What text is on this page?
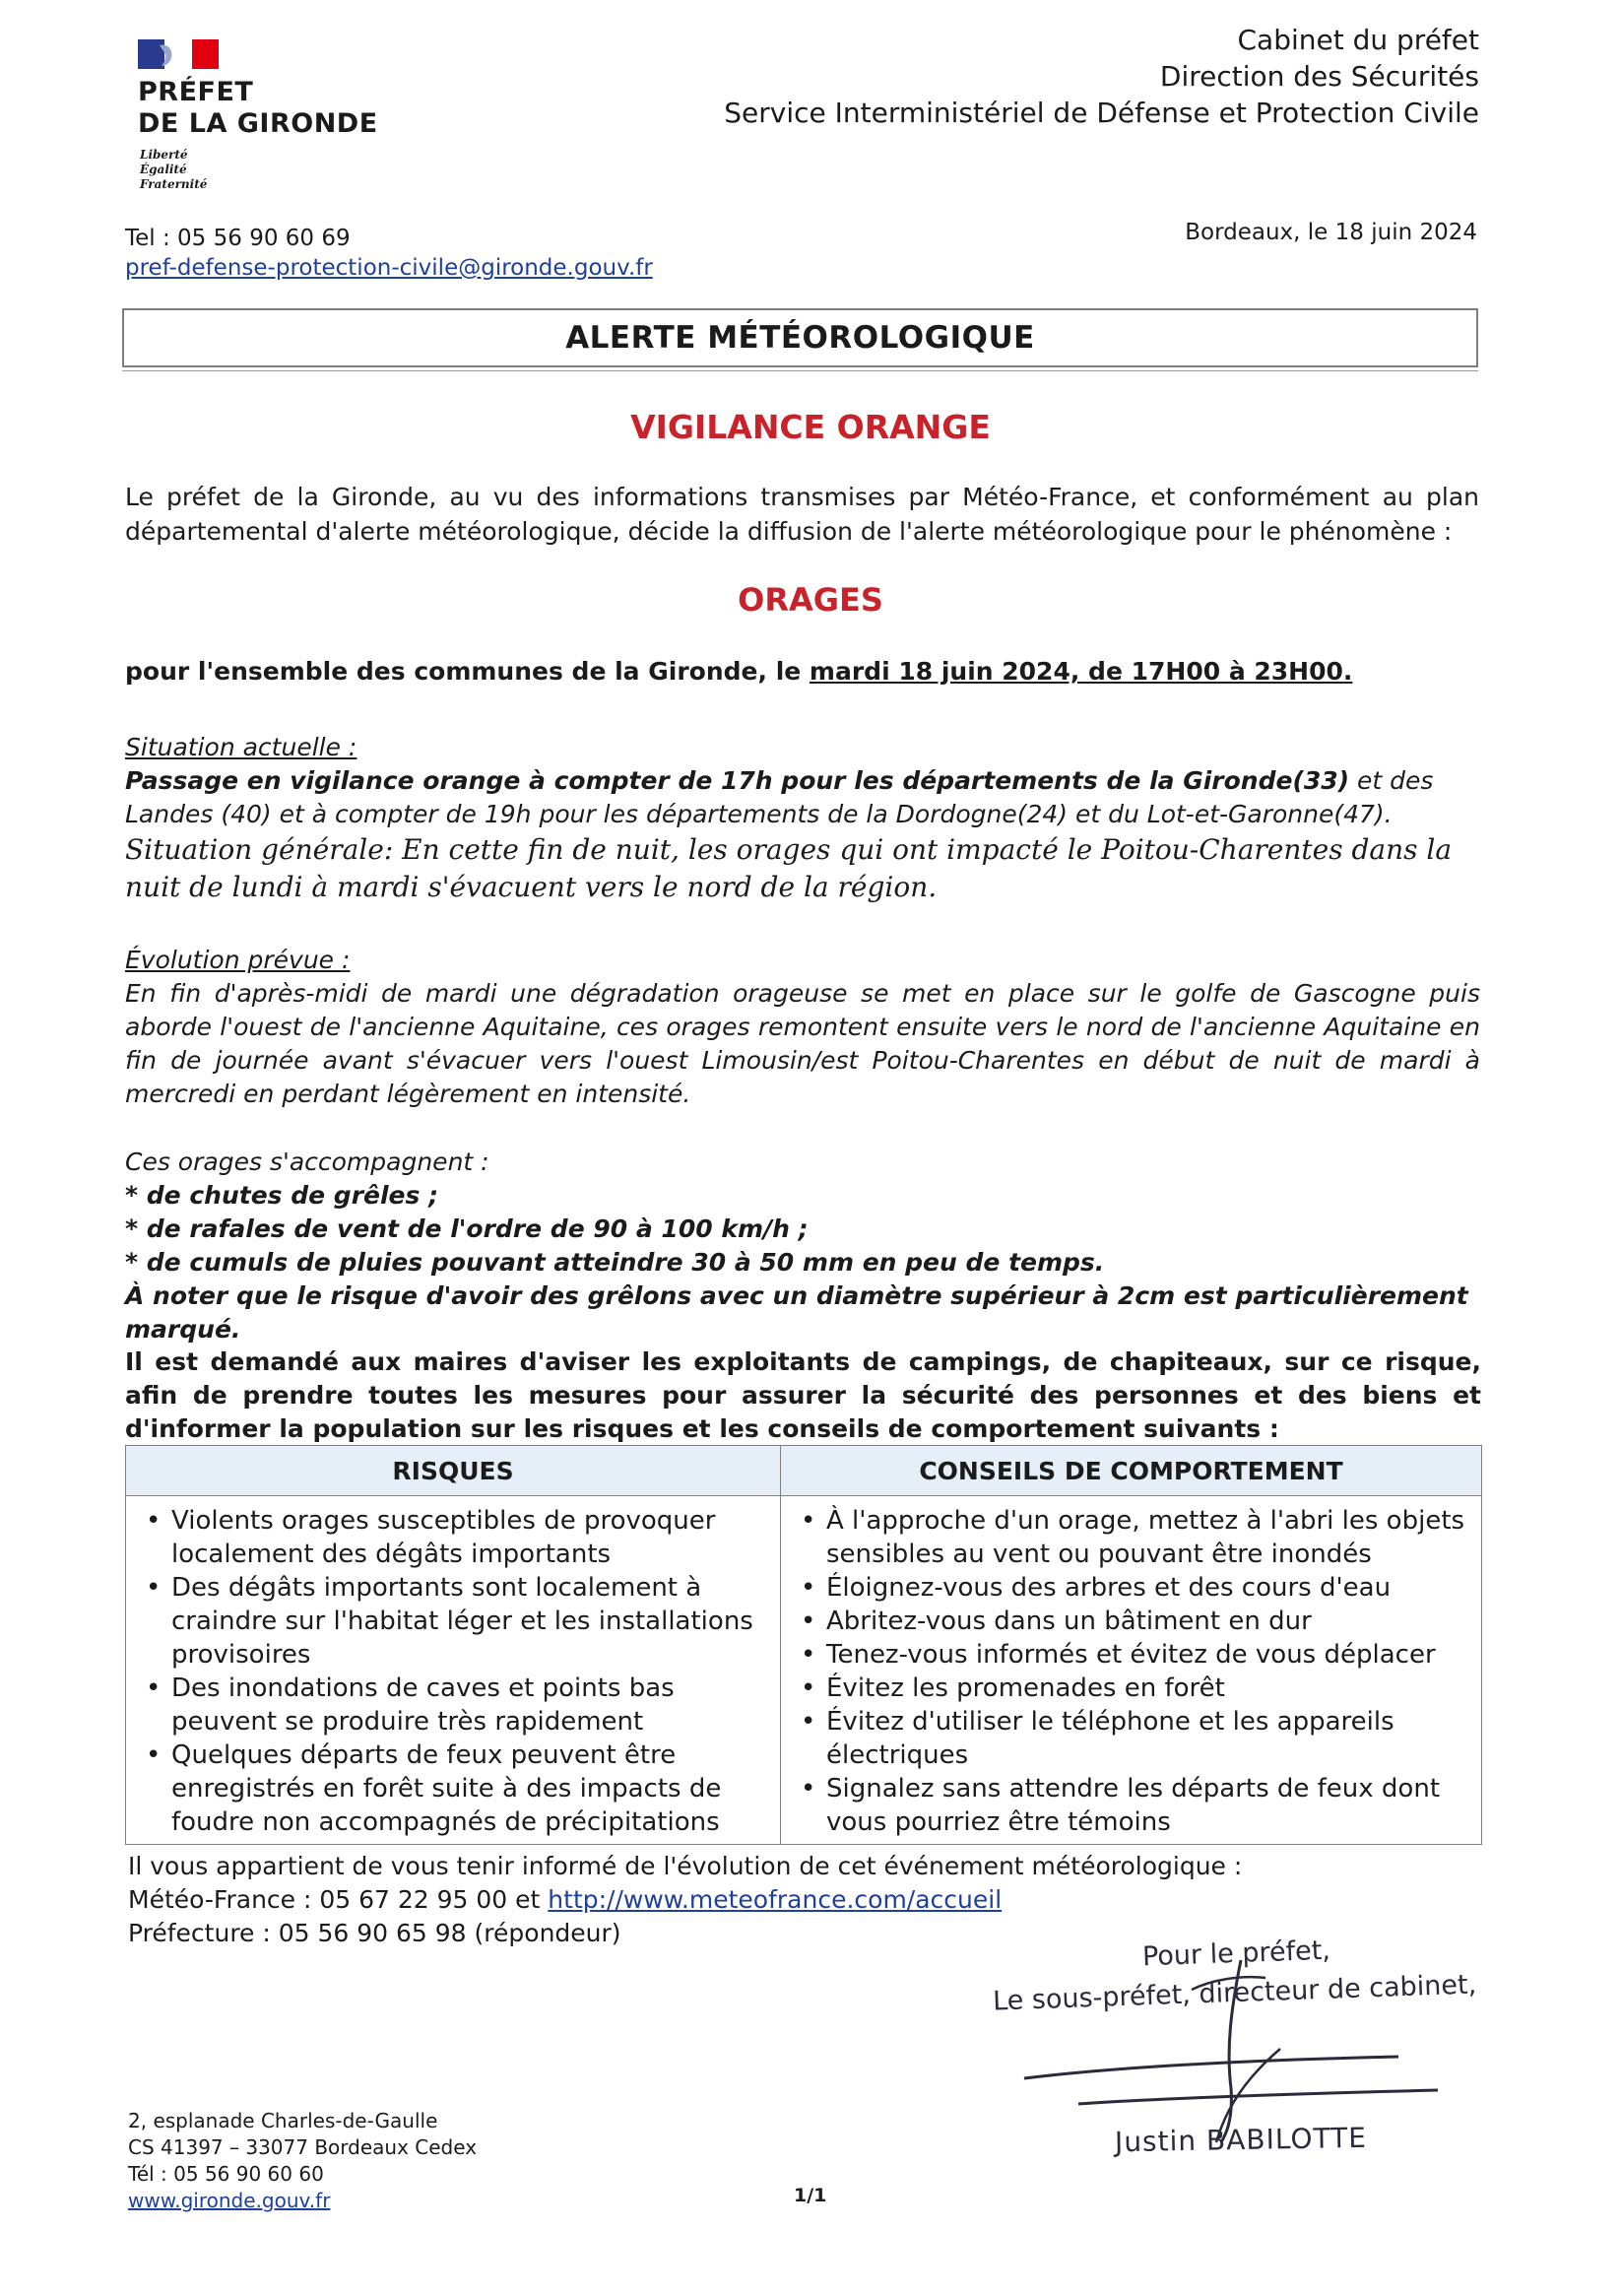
PRÉFET
DE LA GIRONDE
Liberté
Égalité
Fraternité
Cabinet du préfet
Direction des Sécurités
Service Interministériel de Défense et Protection Civile
Tel : 05 56 90 60 69
pref-defense-protection-civile@gironde.gouv.fr
Bordeaux, le 18 juin 2024
ALERTE MÉTÉOROLOGIQUE
VIGILANCE ORANGE
Le préfet de la Gironde, au vu des informations transmises par Météo-France, et conformément au plan départemental d'alerte météorologique, décide la diffusion de l'alerte météorologique pour le phénomène :
ORAGES
pour l'ensemble des communes de la Gironde, le mardi 18 juin 2024, de 17H00 à 23H00.
Situation actuelle :
Passage en vigilance orange à compter de 17h pour les départements de la Gironde(33) et des Landes (40) et à compter de 19h pour les départements de la Dordogne(24) et du Lot-et-Garonne(47).
Situation générale: En cette fin de nuit, les orages qui ont impacté le Poitou-Charentes dans la nuit de lundi à mardi s'évacuent vers le nord de la région.
Évolution prévue :

En fin d'après-midi de mardi une dégradation orageuse se met en place sur le golfe de Gascogne puis aborde l'ouest de l'ancienne Aquitaine, ces orages remontent ensuite vers le nord de l'ancienne Aquitaine en fin de journée avant s'évacuer vers l'ouest Limousin/est Poitou-Charentes en début de nuit de mardi à mercredi en perdant légèrement en intensité.

Ces orages s'accompagnent :
* de chutes de grêles ;
* de rafales de vent de l'ordre de 90 à 100 km/h ;
* de cumuls de pluies pouvant atteindre 30 à 50 mm en peu de temps.
À noter que le risque d'avoir des grêlons avec un diamètre supérieur à 2cm est particulièrement marqué.
Il est demandé aux maires d'aviser les exploitants de campings, de chapiteaux, sur ce risque, afin de prendre toutes les mesures pour assurer la sécurité des personnes et des biens et d'informer la population sur les risques et les conseils de comportement suivants :
RISQUES
• Violents orages susceptibles de provoquer localement des dégâts importants
• Des dégâts importants sont localement à craindre sur l'habitat léger et les installations provisoires
• Des inondations de caves et points bas peuvent se produire très rapidement
• Quelques départs de feux peuvent être enregistrés en forêt suite à des impacts de foudre non accompagnés de précipitations
CONSEILS DE COMPORTEMENT
• À l'approche d'un orage, mettez à l'abri les objets sensibles au vent ou pouvant être inondés
• Éloignez-vous des arbres et des cours d'eau
• Abritez-vous dans un bâtiment en dur
• Tenez-vous informés et évitez de vous déplacer
• Évitez les promenades en forêt
• Évitez d'utiliser le téléphone et les appareils électriques
• Signalez sans attendre les départs de feux dont vous pourriez être témoins
Il vous appartient de vous tenir informé de l'évolution de cet événement météorologique :
Météo-France : 05 67 22 95 00 et http://www.meteofrance.com/accueil
Préfecture : 05 56 90 65 98 (répondeur)
Pour le préfet,
Le sous-préfet, directeur de cabinet,
Justin BABILOTTE
2, esplanade Charles-de-Gaulle
CS 41397 – 33077 Bordeaux Cedex
Tél : 05 56 90 60 60
www.gironde.gouv.fr	1/1
